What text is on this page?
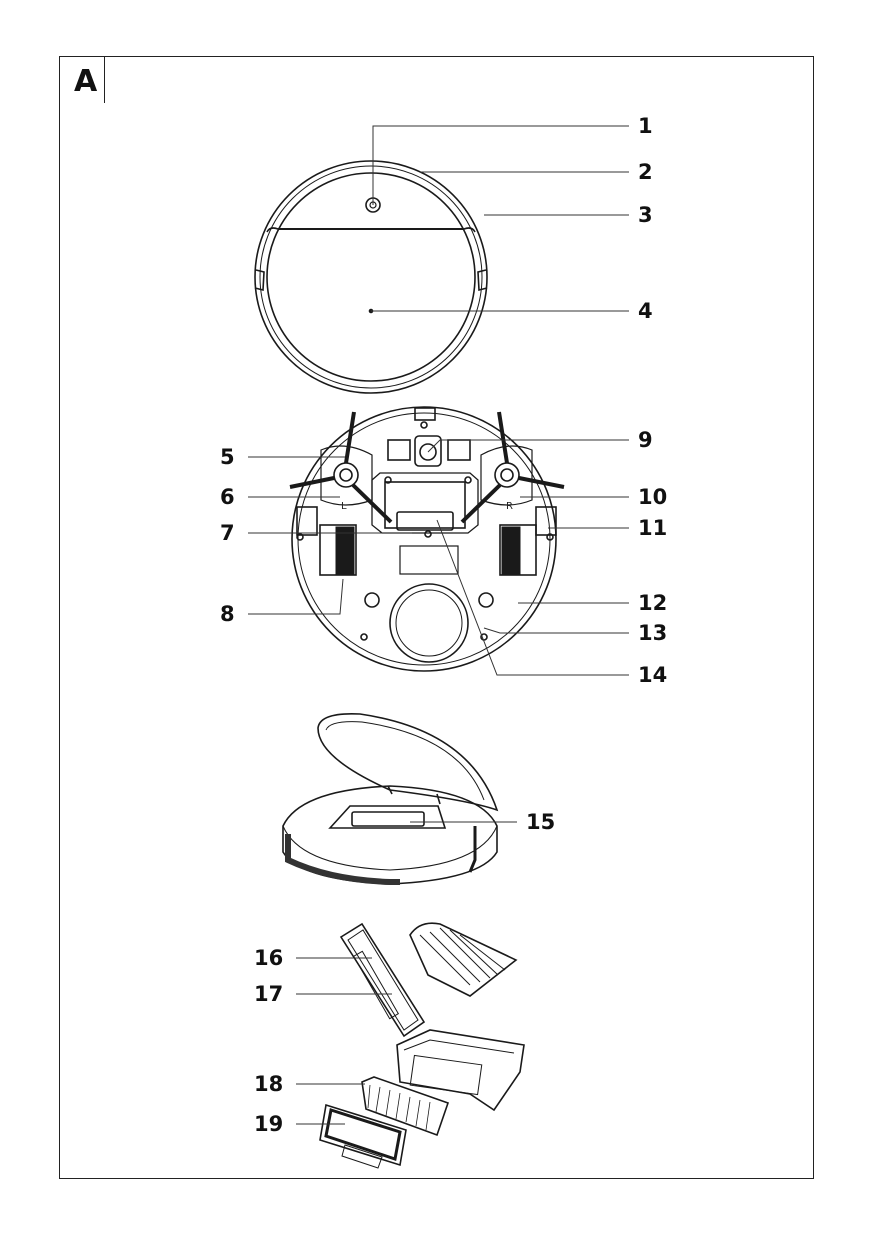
A
1
2
3
4
5
6
7
8
9
10
11
12
13
14
15
16
17
18
19
L	R
